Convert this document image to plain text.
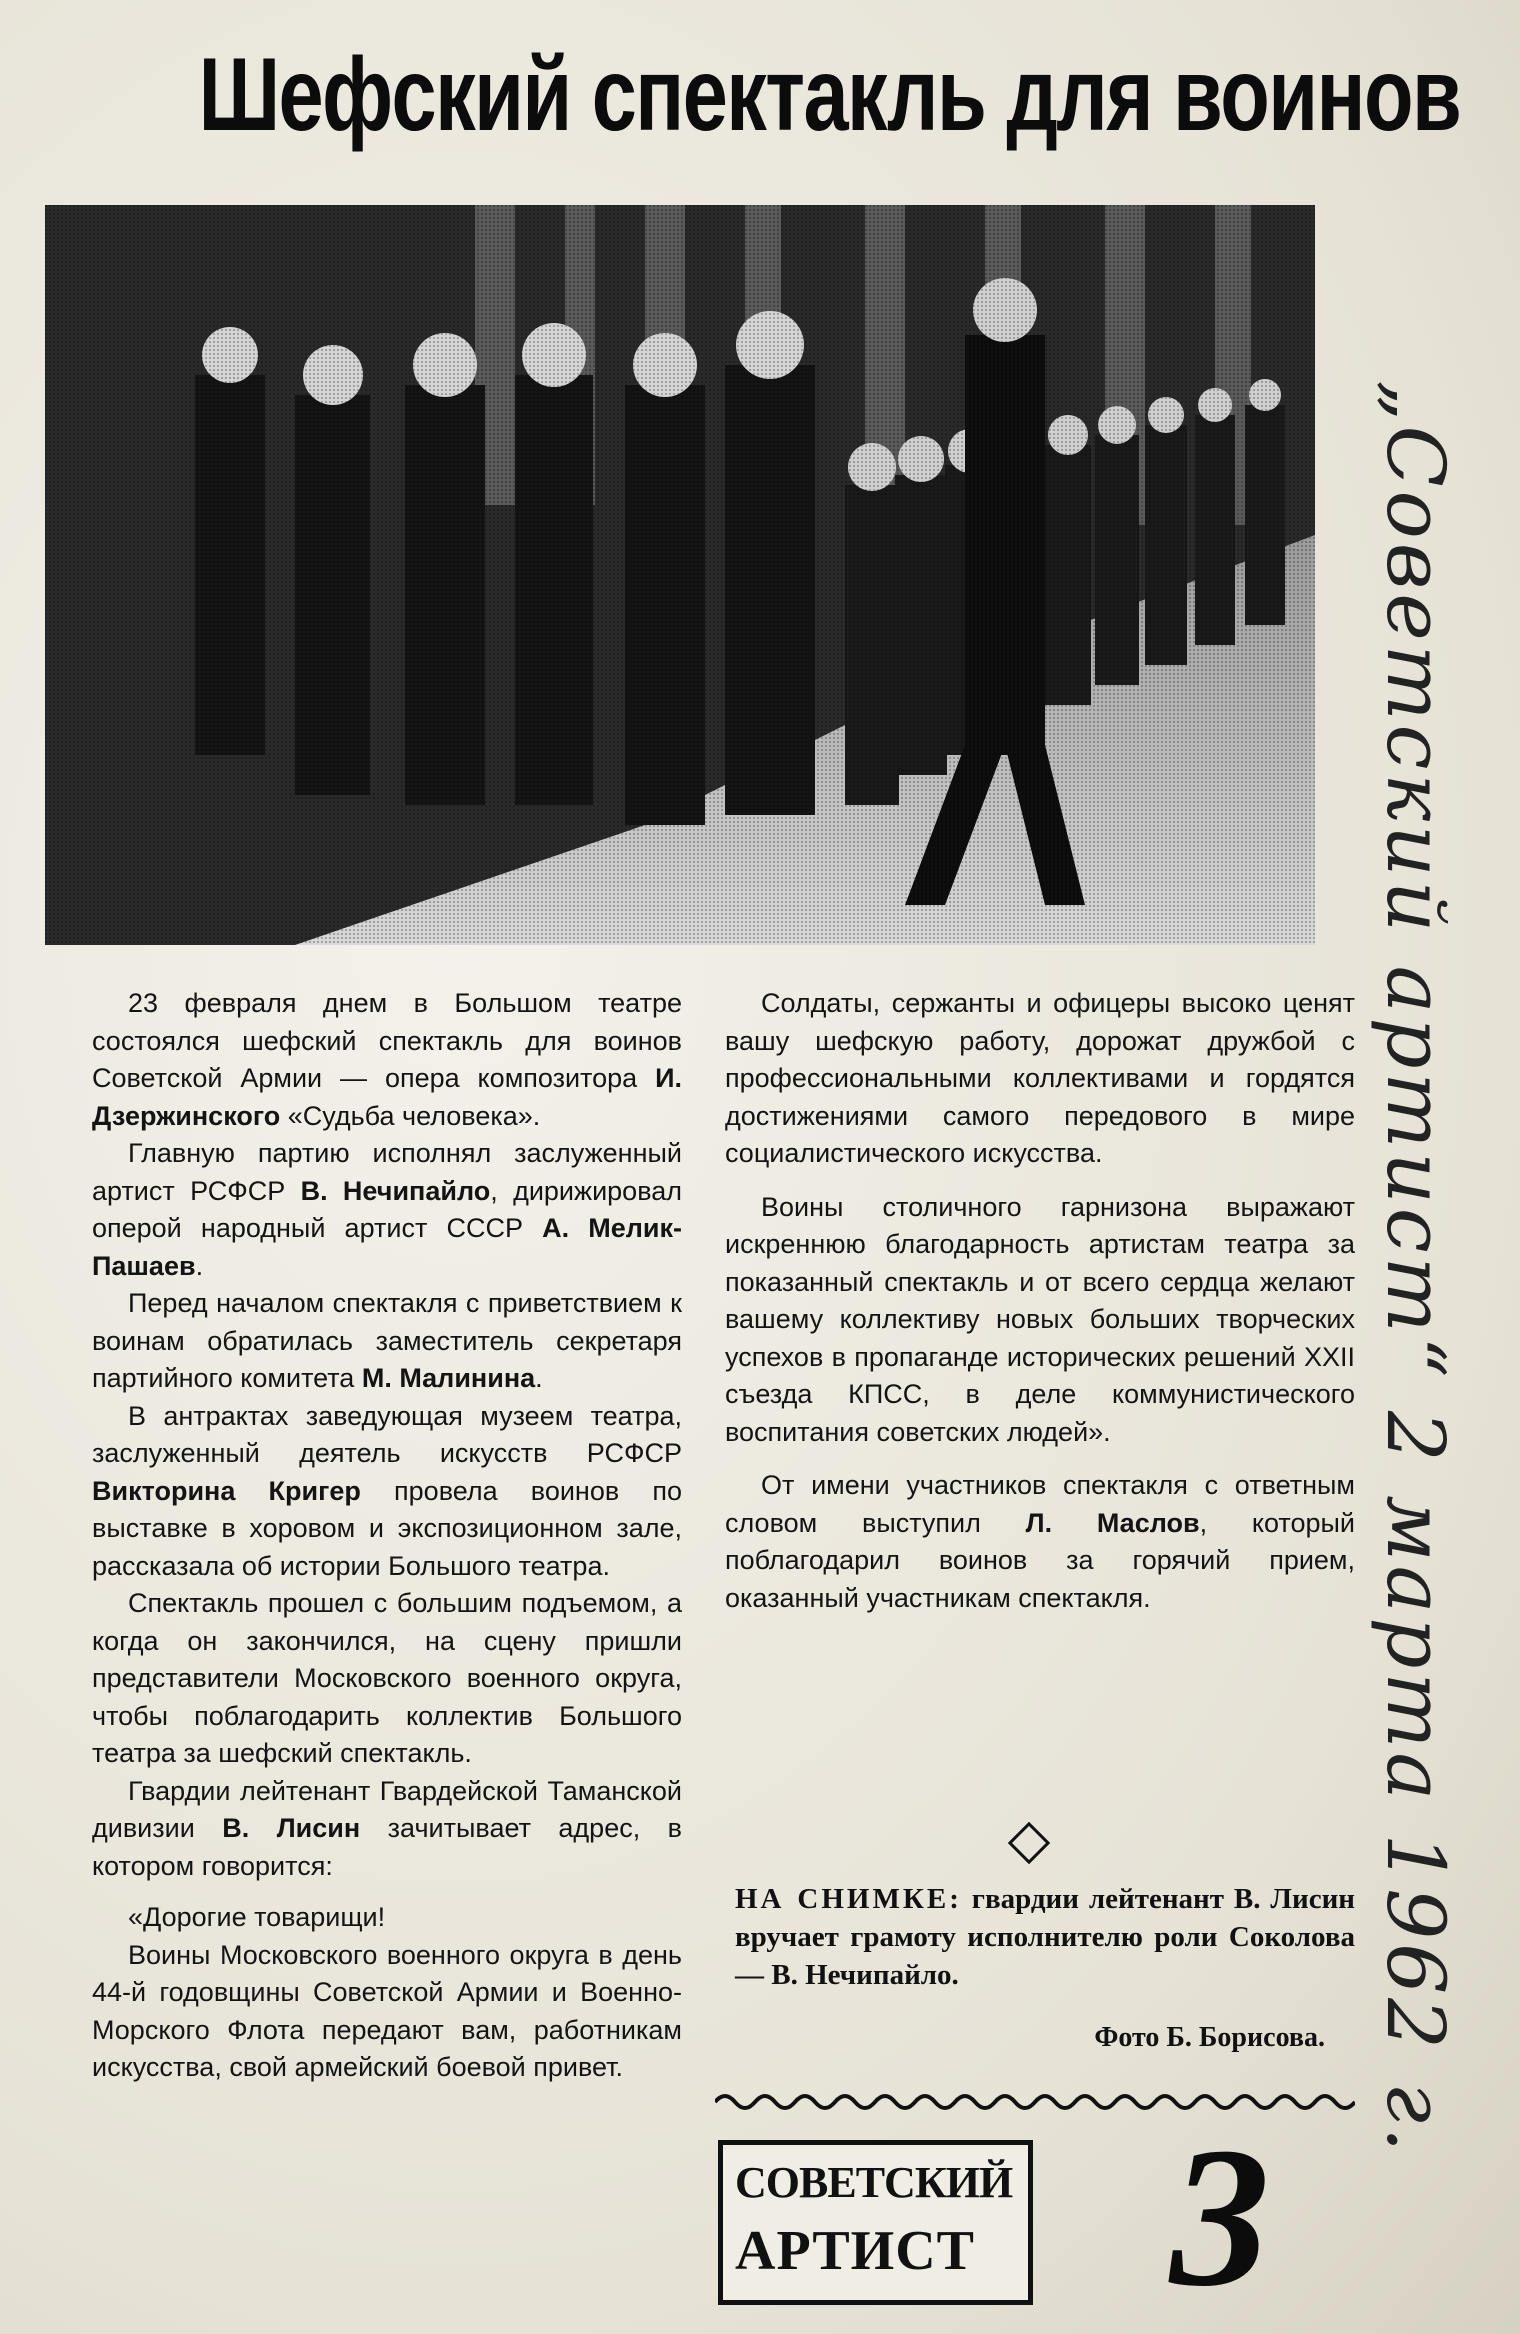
Шефский спектакль для воинов

23 февраля днем в Большом театре состоялся шефский спектакль для воинов Советской Армии — опера композитора И. Дзержинского «Судьба человека».

Главную партию исполнял заслуженный артист РСФСР В. Нечипайло, дирижировал оперой народный артист СССР А. Мелик-Пашаев.

Перед началом спектакля с приветствием к воинам обратилась заместитель секретаря партийного комитета М. Малинина.

В антрактах заведующая музеем театра, заслуженный деятель искусств РСФСР Викторина Кригер провела воинов по выставке в хоровом и экспозиционном зале, рассказала об истории Большого театра.

Спектакль прошел с большим подъемом, а когда он закончился, на сцену пришли представители Московского военного округа, чтобы поблагодарить коллектив Большого театра за шефский спектакль.

Гвардии лейтенант Гвардейской Таманской дивизии В. Лисин зачитывает адрес, в котором говорится:

«Дорогие товарищи!

Воины Московского военного округа в день 44-й годовщины Советской Армии и Военно-Морского Флота передают вам, работникам искусства, свой армейский боевой привет.

Солдаты, сержанты и офицеры высоко ценят вашу шефскую работу, дорожат дружбой с профессиональными коллективами и гордятся достижениями самого передового в мире социалистического искусства.

Воины столичного гарнизона выражают искреннюю благодарность артистам театра за показанный спектакль и от всего сердца желают вашему коллективу новых больших творческих успехов в пропаганде исторических решений XXII съезда КПСС, в деле коммунистического воспитания советских людей».

От имени участников спектакля с ответным словом выступил Л. Маслов, который поблагодарил воинов за горячий прием, оказанный участникам спектакля.

НА СНИМКЕ: гвардии лейтенант В. Лисин вручает грамоту исполнителю роли Соколова — В. Нечипайло.
Фото Б. Борисова.
СОВЕТСКИЙ
АРТИСТ 3
„Советский артист“ 2 марта 1962 г.
